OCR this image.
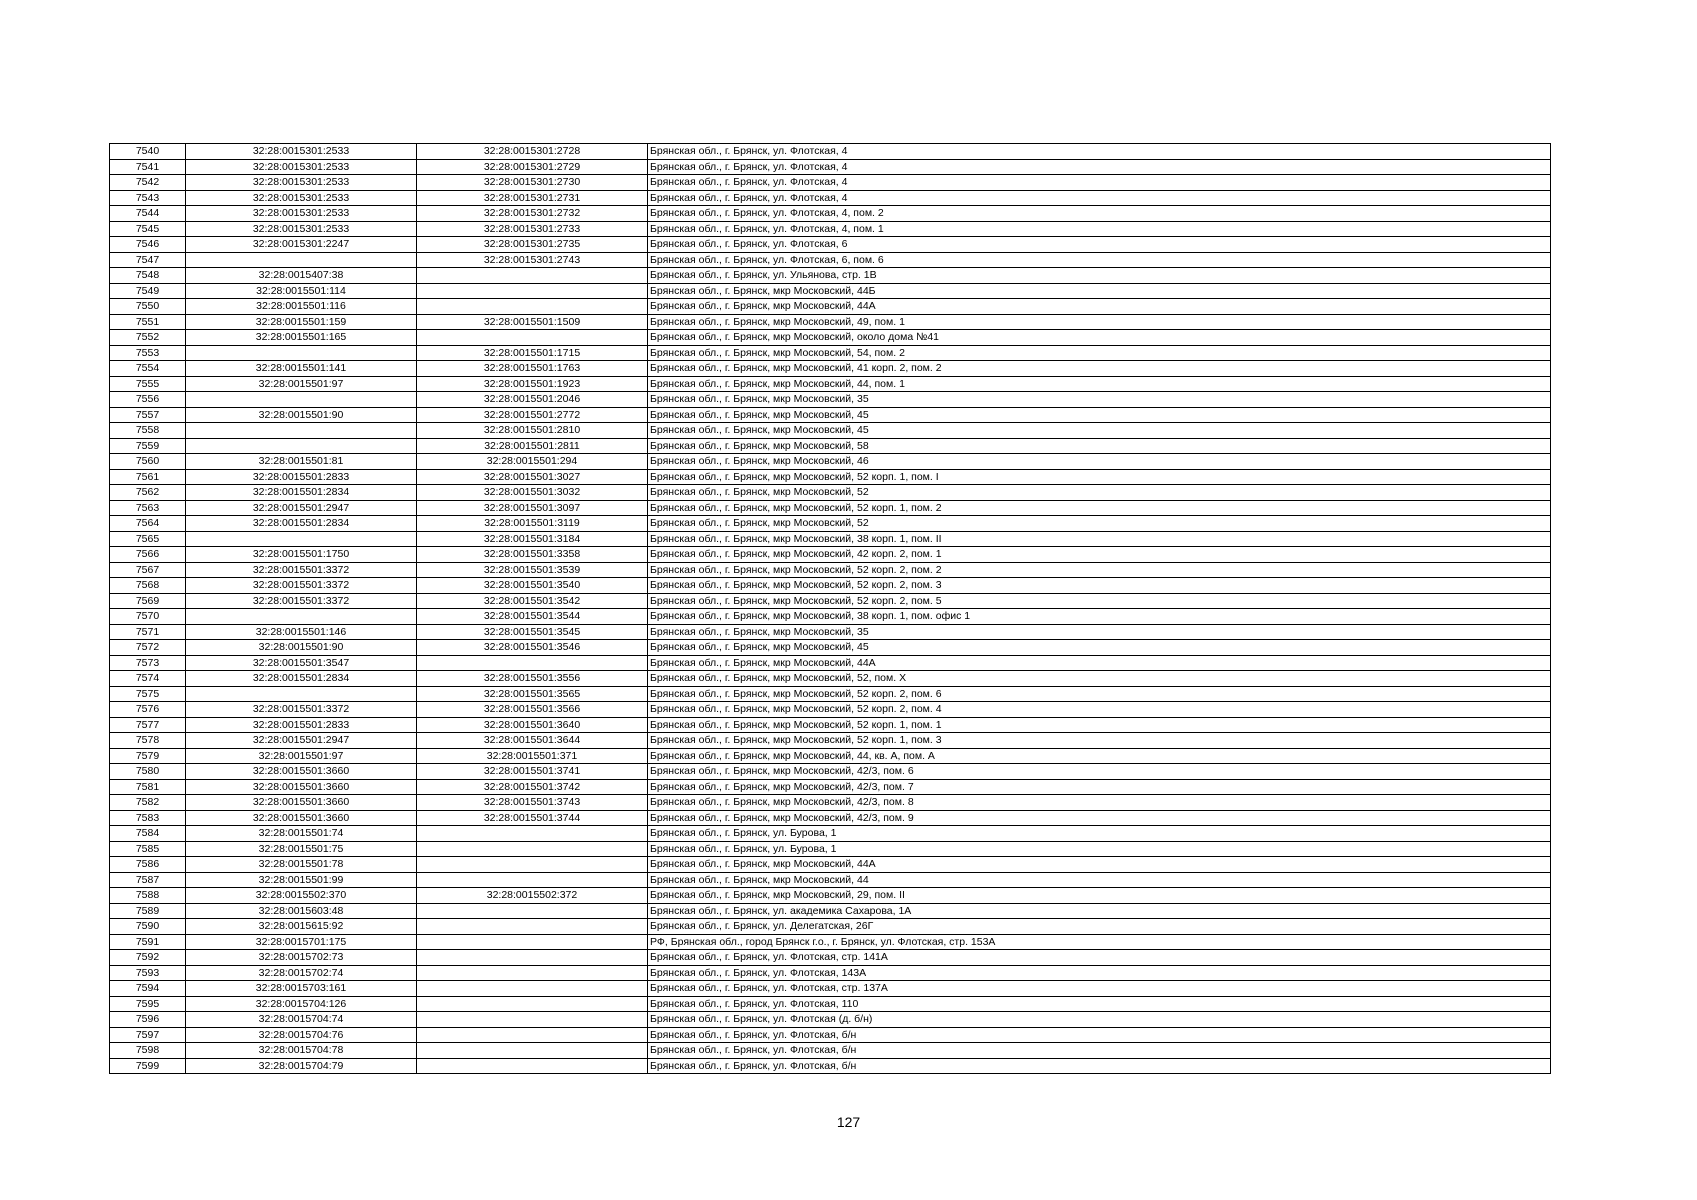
7540	32:28:0015301:2533	32:28:0015301:2728	Брянская обл., г. Брянск, ул. Флотская, 4
7541	32:28:0015301:2533	32:28:0015301:2729	Брянская обл., г. Брянск, ул. Флотская, 4
7542	32:28:0015301:2533	32:28:0015301:2730	Брянская обл., г. Брянск, ул. Флотская, 4
7543	32:28:0015301:2533	32:28:0015301:2731	Брянская обл., г. Брянск, ул. Флотская, 4
7544	32:28:0015301:2533	32:28:0015301:2732	Брянская обл., г. Брянск, ул. Флотская, 4, пом. 2
7545	32:28:0015301:2533	32:28:0015301:2733	Брянская обл., г. Брянск, ул. Флотская, 4, пом. 1
7546	32:28:0015301:2247	32:28:0015301:2735	Брянская обл., г. Брянск, ул. Флотская, 6
7547		32:28:0015301:2743	Брянская обл., г. Брянск, ул. Флотская, 6, пом. 6
7548	32:28:0015407:38		Брянская обл., г. Брянск, ул. Ульянова, стр. 1В
7549	32:28:0015501:114		Брянская обл., г. Брянск, мкр Московский, 44Б
7550	32:28:0015501:116		Брянская обл., г. Брянск, мкр Московский, 44А
7551	32:28:0015501:159	32:28:0015501:1509	Брянская обл., г. Брянск, мкр Московский, 49, пом. 1
7552	32:28:0015501:165		Брянская обл., г. Брянск, мкр Московский, около дома №41
7553		32:28:0015501:1715	Брянская обл., г. Брянск, мкр Московский, 54, пом. 2
7554	32:28:0015501:141	32:28:0015501:1763	Брянская обл., г. Брянск, мкр Московский, 41 корп. 2, пом. 2
7555	32:28:0015501:97	32:28:0015501:1923	Брянская обл., г. Брянск, мкр Московский, 44, пом. 1
7556		32:28:0015501:2046	Брянская обл., г. Брянск, мкр Московский, 35
7557	32:28:0015501:90	32:28:0015501:2772	Брянская обл., г. Брянск, мкр Московский, 45
7558		32:28:0015501:2810	Брянская обл., г. Брянск, мкр Московский, 45
7559		32:28:0015501:2811	Брянская обл., г. Брянск, мкр Московский, 58
7560	32:28:0015501:81	32:28:0015501:294	Брянская обл., г. Брянск, мкр Московский, 46
7561	32:28:0015501:2833	32:28:0015501:3027	Брянская обл., г. Брянск, мкр Московский, 52 корп. 1, пом. I
7562	32:28:0015501:2834	32:28:0015501:3032	Брянская обл., г. Брянск, мкр Московский, 52
7563	32:28:0015501:2947	32:28:0015501:3097	Брянская обл., г. Брянск, мкр Московский, 52 корп. 1, пом. 2
7564	32:28:0015501:2834	32:28:0015501:3119	Брянская обл., г. Брянск, мкр Московский, 52
7565		32:28:0015501:3184	Брянская обл., г. Брянск, мкр Московский, 38 корп. 1, пом. II
7566	32:28:0015501:1750	32:28:0015501:3358	Брянская обл., г. Брянск, мкр Московский, 42 корп. 2, пом. 1
7567	32:28:0015501:3372	32:28:0015501:3539	Брянская обл., г. Брянск, мкр Московский, 52 корп. 2, пом. 2
7568	32:28:0015501:3372	32:28:0015501:3540	Брянская обл., г. Брянск, мкр Московский, 52 корп. 2, пом. 3
7569	32:28:0015501:3372	32:28:0015501:3542	Брянская обл., г. Брянск, мкр Московский, 52 корп. 2, пом. 5
7570		32:28:0015501:3544	Брянская обл., г. Брянск, мкр Московский, 38 корп. 1, пом. офис 1
7571	32:28:0015501:146	32:28:0015501:3545	Брянская обл., г. Брянск, мкр Московский, 35
7572	32:28:0015501:90	32:28:0015501:3546	Брянская обл., г. Брянск, мкр Московский, 45
7573	32:28:0015501:3547		Брянская обл., г. Брянск, мкр Московский, 44А
7574	32:28:0015501:2834	32:28:0015501:3556	Брянская обл., г. Брянск, мкр Московский, 52, пом. X
7575		32:28:0015501:3565	Брянская обл., г. Брянск, мкр Московский, 52 корп. 2, пом. 6
7576	32:28:0015501:3372	32:28:0015501:3566	Брянская обл., г. Брянск, мкр Московский, 52 корп. 2, пом. 4
7577	32:28:0015501:2833	32:28:0015501:3640	Брянская обл., г. Брянск, мкр Московский, 52 корп. 1, пом. 1
7578	32:28:0015501:2947	32:28:0015501:3644	Брянская обл., г. Брянск, мкр Московский, 52 корп. 1, пом. 3
7579	32:28:0015501:97	32:28:0015501:371	Брянская обл., г. Брянск, мкр Московский, 44, кв. А, пом. А
7580	32:28:0015501:3660	32:28:0015501:3741	Брянская обл., г. Брянск, мкр Московский, 42/3, пом. 6
7581	32:28:0015501:3660	32:28:0015501:3742	Брянская обл., г. Брянск, мкр Московский, 42/3, пом. 7
7582	32:28:0015501:3660	32:28:0015501:3743	Брянская обл., г. Брянск, мкр Московский, 42/3, пом. 8
7583	32:28:0015501:3660	32:28:0015501:3744	Брянская обл., г. Брянск, мкр Московский, 42/3, пом. 9
7584	32:28:0015501:74		Брянская обл., г. Брянск, ул. Бурова, 1
7585	32:28:0015501:75		Брянская обл., г. Брянск, ул. Бурова, 1
7586	32:28:0015501:78		Брянская обл., г. Брянск, мкр Московский, 44А
7587	32:28:0015501:99		Брянская обл., г. Брянск, мкр Московский, 44
7588	32:28:0015502:370	32:28:0015502:372	Брянская обл., г. Брянск, мкр Московский, 29, пом. II
7589	32:28:0015603:48		Брянская обл., г. Брянск, ул. академика Сахарова, 1А
7590	32:28:0015615:92		Брянская обл., г. Брянск, ул. Делегатская, 26Г
7591	32:28:0015701:175		РФ, Брянская обл., город Брянск г.о., г. Брянск, ул. Флотская, стр. 153А
7592	32:28:0015702:73		Брянская обл., г. Брянск, ул. Флотская, стр. 141А
7593	32:28:0015702:74		Брянская обл., г. Брянск, ул. Флотская, 143А
7594	32:28:0015703:161		Брянская обл., г. Брянск, ул. Флотская, стр. 137А
7595	32:28:0015704:126		Брянская обл., г. Брянск, ул. Флотская, 110
7596	32:28:0015704:74		Брянская обл., г. Брянск, ул. Флотская (д. б/н)
7597	32:28:0015704:76		Брянская обл., г. Брянск, ул. Флотская, б/н
7598	32:28:0015704:78		Брянская обл., г. Брянск, ул. Флотская, б/н
7599	32:28:0015704:79		Брянская обл., г. Брянск, ул. Флотская, б/н
127
